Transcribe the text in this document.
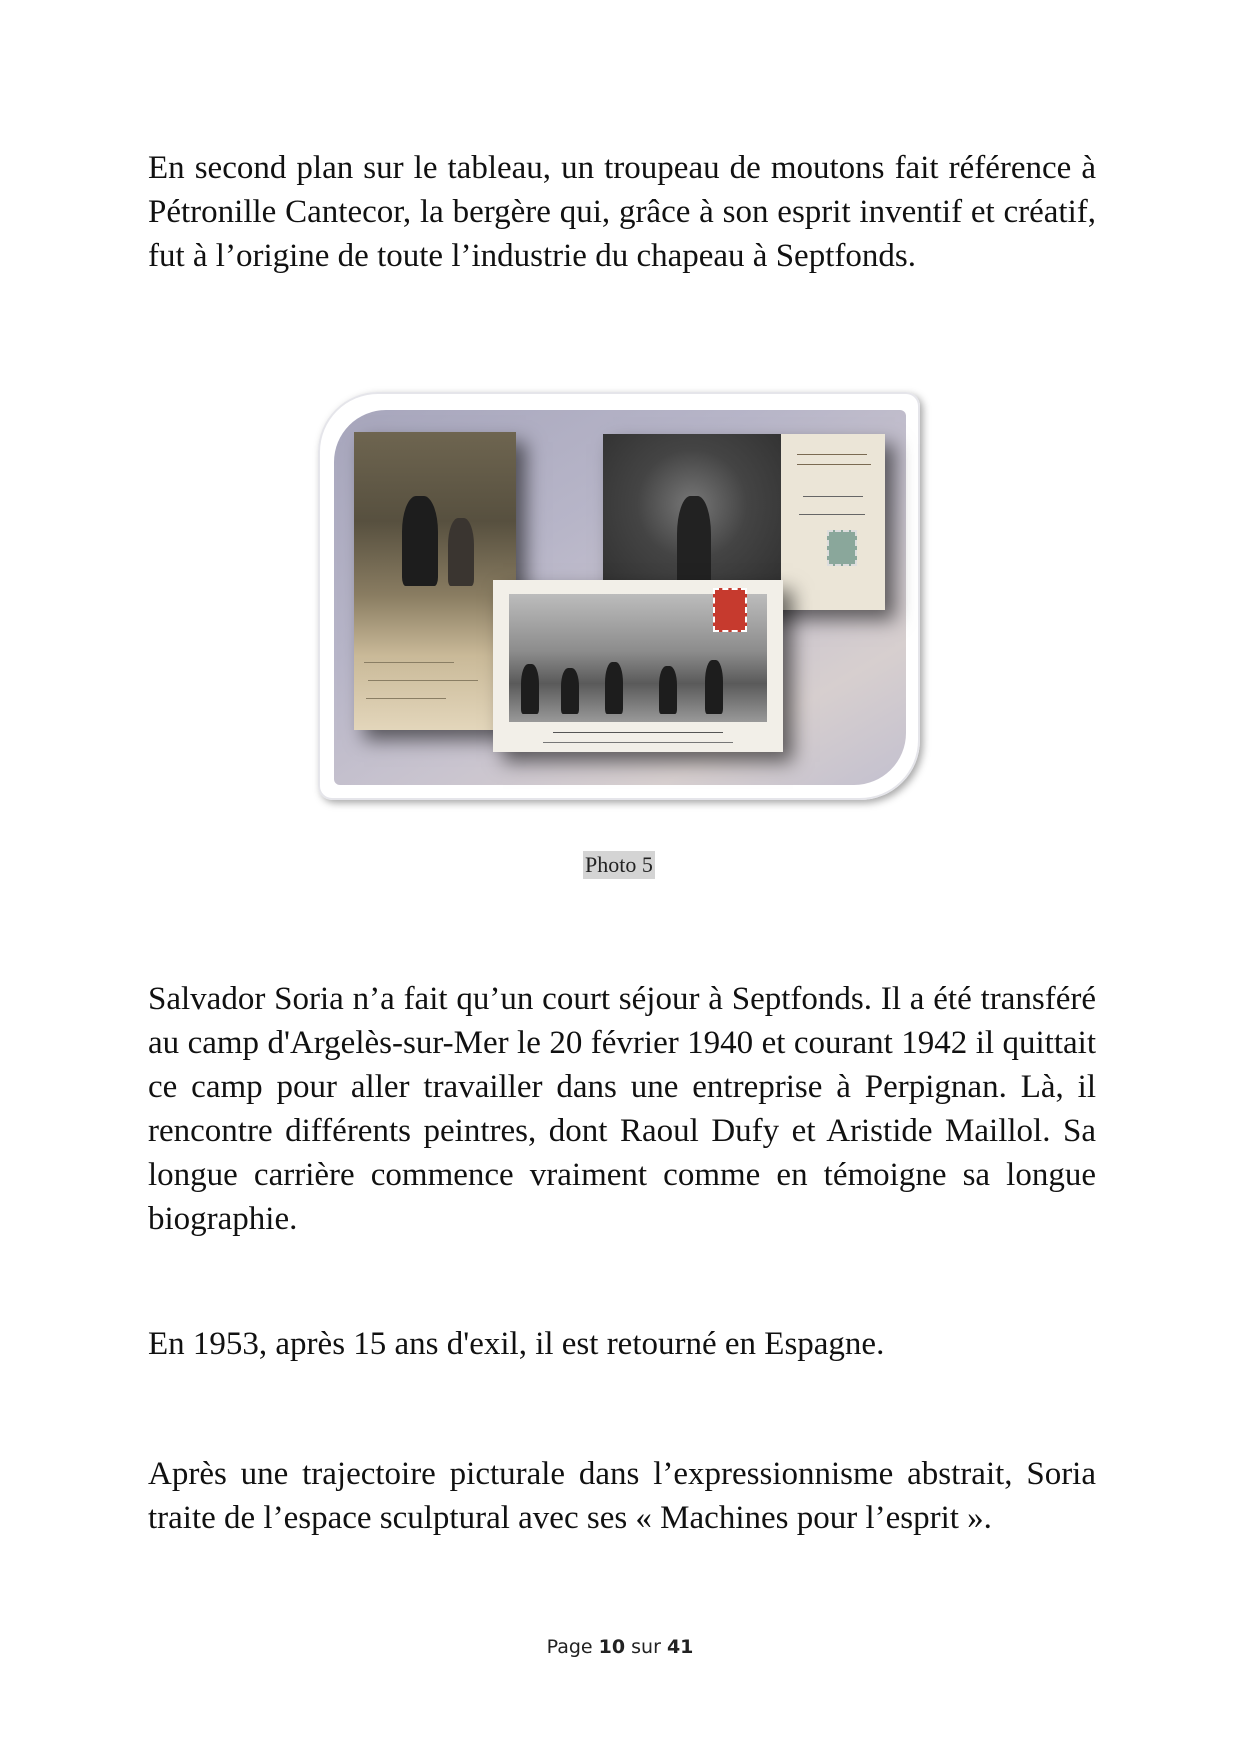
En second plan sur le tableau, un troupeau de moutons fait référence à Pétronille Cantecor, la bergère qui, grâce à son esprit inventif et créatif, fut à l’origine de toute l’industrie du chapeau à Septfonds.

Photo 5

Salvador Soria n’a fait qu’un court séjour à Septfonds. Il a été transféré au camp d'Argelès-sur-Mer le 20 février 1940 et courant 1942 il quittait ce camp pour aller travailler dans une entreprise à Perpignan. Là, il rencontre différents peintres, dont Raoul Dufy et Aristide Maillol. Sa longue carrière commence vraiment comme en témoigne sa longue biographie.

En 1953, après 15 ans d'exil, il est retourné en Espagne.

Après une trajectoire picturale dans l’expressionnisme abstrait, Soria traite de l’espace sculptural avec ses « Machines pour l’esprit ».

Page 10 sur 41
